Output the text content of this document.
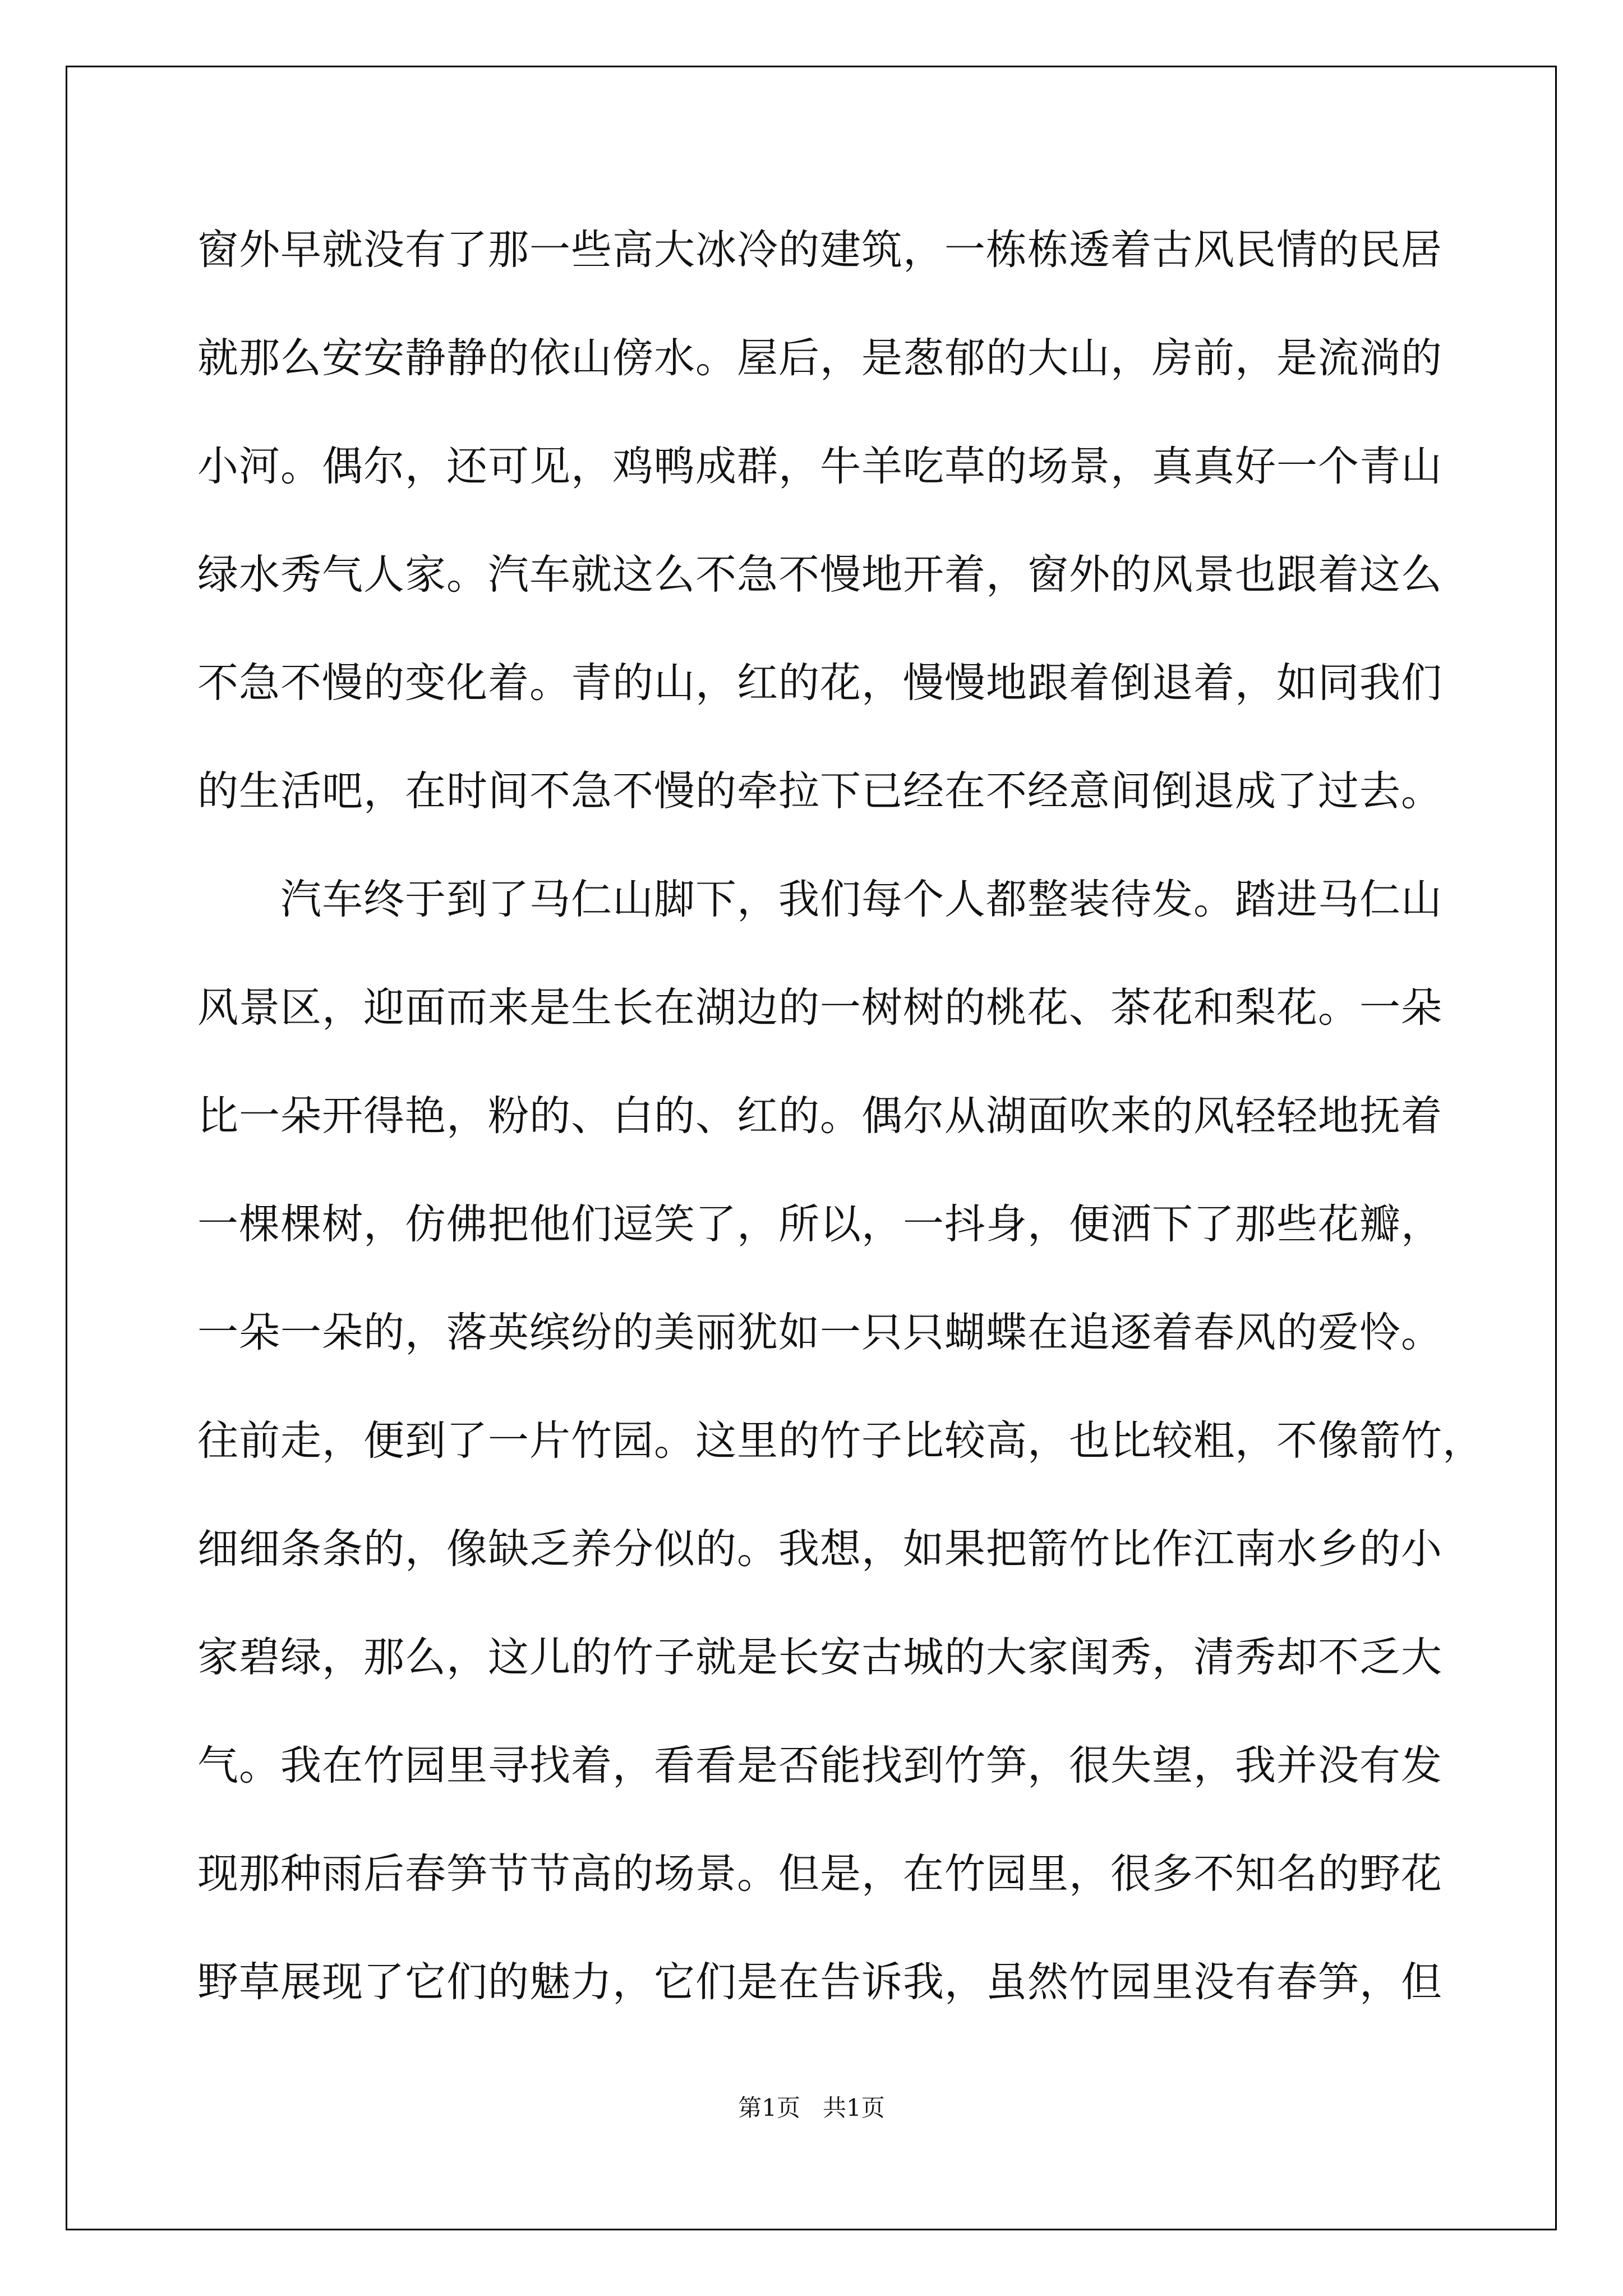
窗外早就没有了那一些高大冰冷的建筑，一栋栋透着古风民情的民居
就那么安安静静的依山傍水。屋后，是葱郁的大山，房前，是流淌的
小河。偶尔，还可见，鸡鸭成群，牛羊吃草的场景，真真好一个青山
绿水秀气人家。汽车就这么不急不慢地开着，窗外的风景也跟着这么
不急不慢的变化着。青的山，红的花，慢慢地跟着倒退着，如同我们
的生活吧，在时间不急不慢的牵拉下已经在不经意间倒退成了过去。
汽车终于到了马仁山脚下，我们每个人都整装待发。踏进马仁山
风景区，迎面而来是生长在湖边的一树树的桃花、茶花和梨花。一朵
比一朵开得艳，粉的、白的、红的。偶尔从湖面吹来的风轻轻地抚着
一棵棵树，仿佛把他们逗笑了，所以，一抖身，便洒下了那些花瓣，
一朵一朵的，落英缤纷的美丽犹如一只只蝴蝶在追逐着春风的爱怜。
往前走，便到了一片竹园。这里的竹子比较高，也比较粗，不像箭竹，
细细条条的，像缺乏养分似的。我想，如果把箭竹比作江南水乡的小
家碧绿，那么，这儿的竹子就是长安古城的大家闺秀，清秀却不乏大
气。我在竹园里寻找着，看看是否能找到竹笋，很失望，我并没有发
现那种雨后春笋节节高的场景。但是，在竹园里，很多不知名的野花
野草展现了它们的魅力，它们是在告诉我，虽然竹园里没有春笋，但
第1页   共1页
